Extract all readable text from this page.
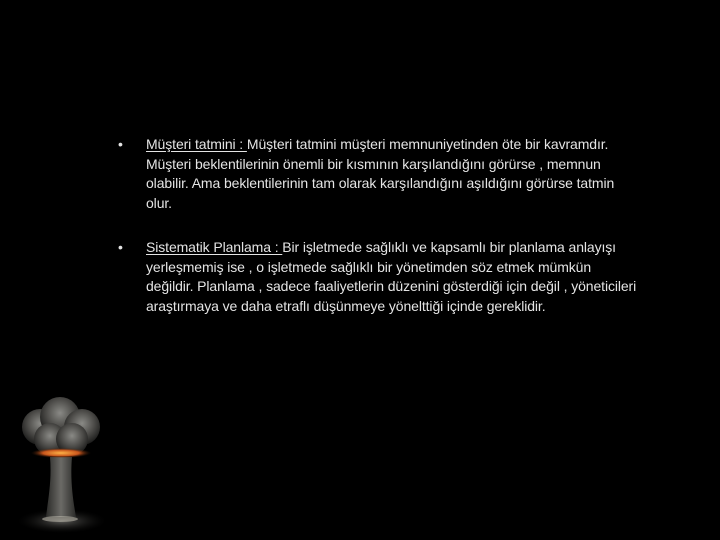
• Müşteri tatmini : Müşteri tatmini müşteri memnuniyetinden öte bir kavramdır. Müşteri beklentilerinin önemli bir kısmının karşılandığını görürse , memnun olabilir. Ama beklentilerinin tam olarak karşılandığını aşıldığını görürse tatmin olur.
• Sistematik Planlama : Bir işletmede sağlıklı ve kapsamlı bir planlama anlayışı yerleşmemiş ise , o işletmede sağlıklı bir yönetimden söz etmek mümkün değildir. Planlama , sadece faaliyetlerin düzenini gösterdiği için değil , yöneticileri araştırmaya ve daha etraflı düşünmeye yönelttiği içinde gereklidir.
